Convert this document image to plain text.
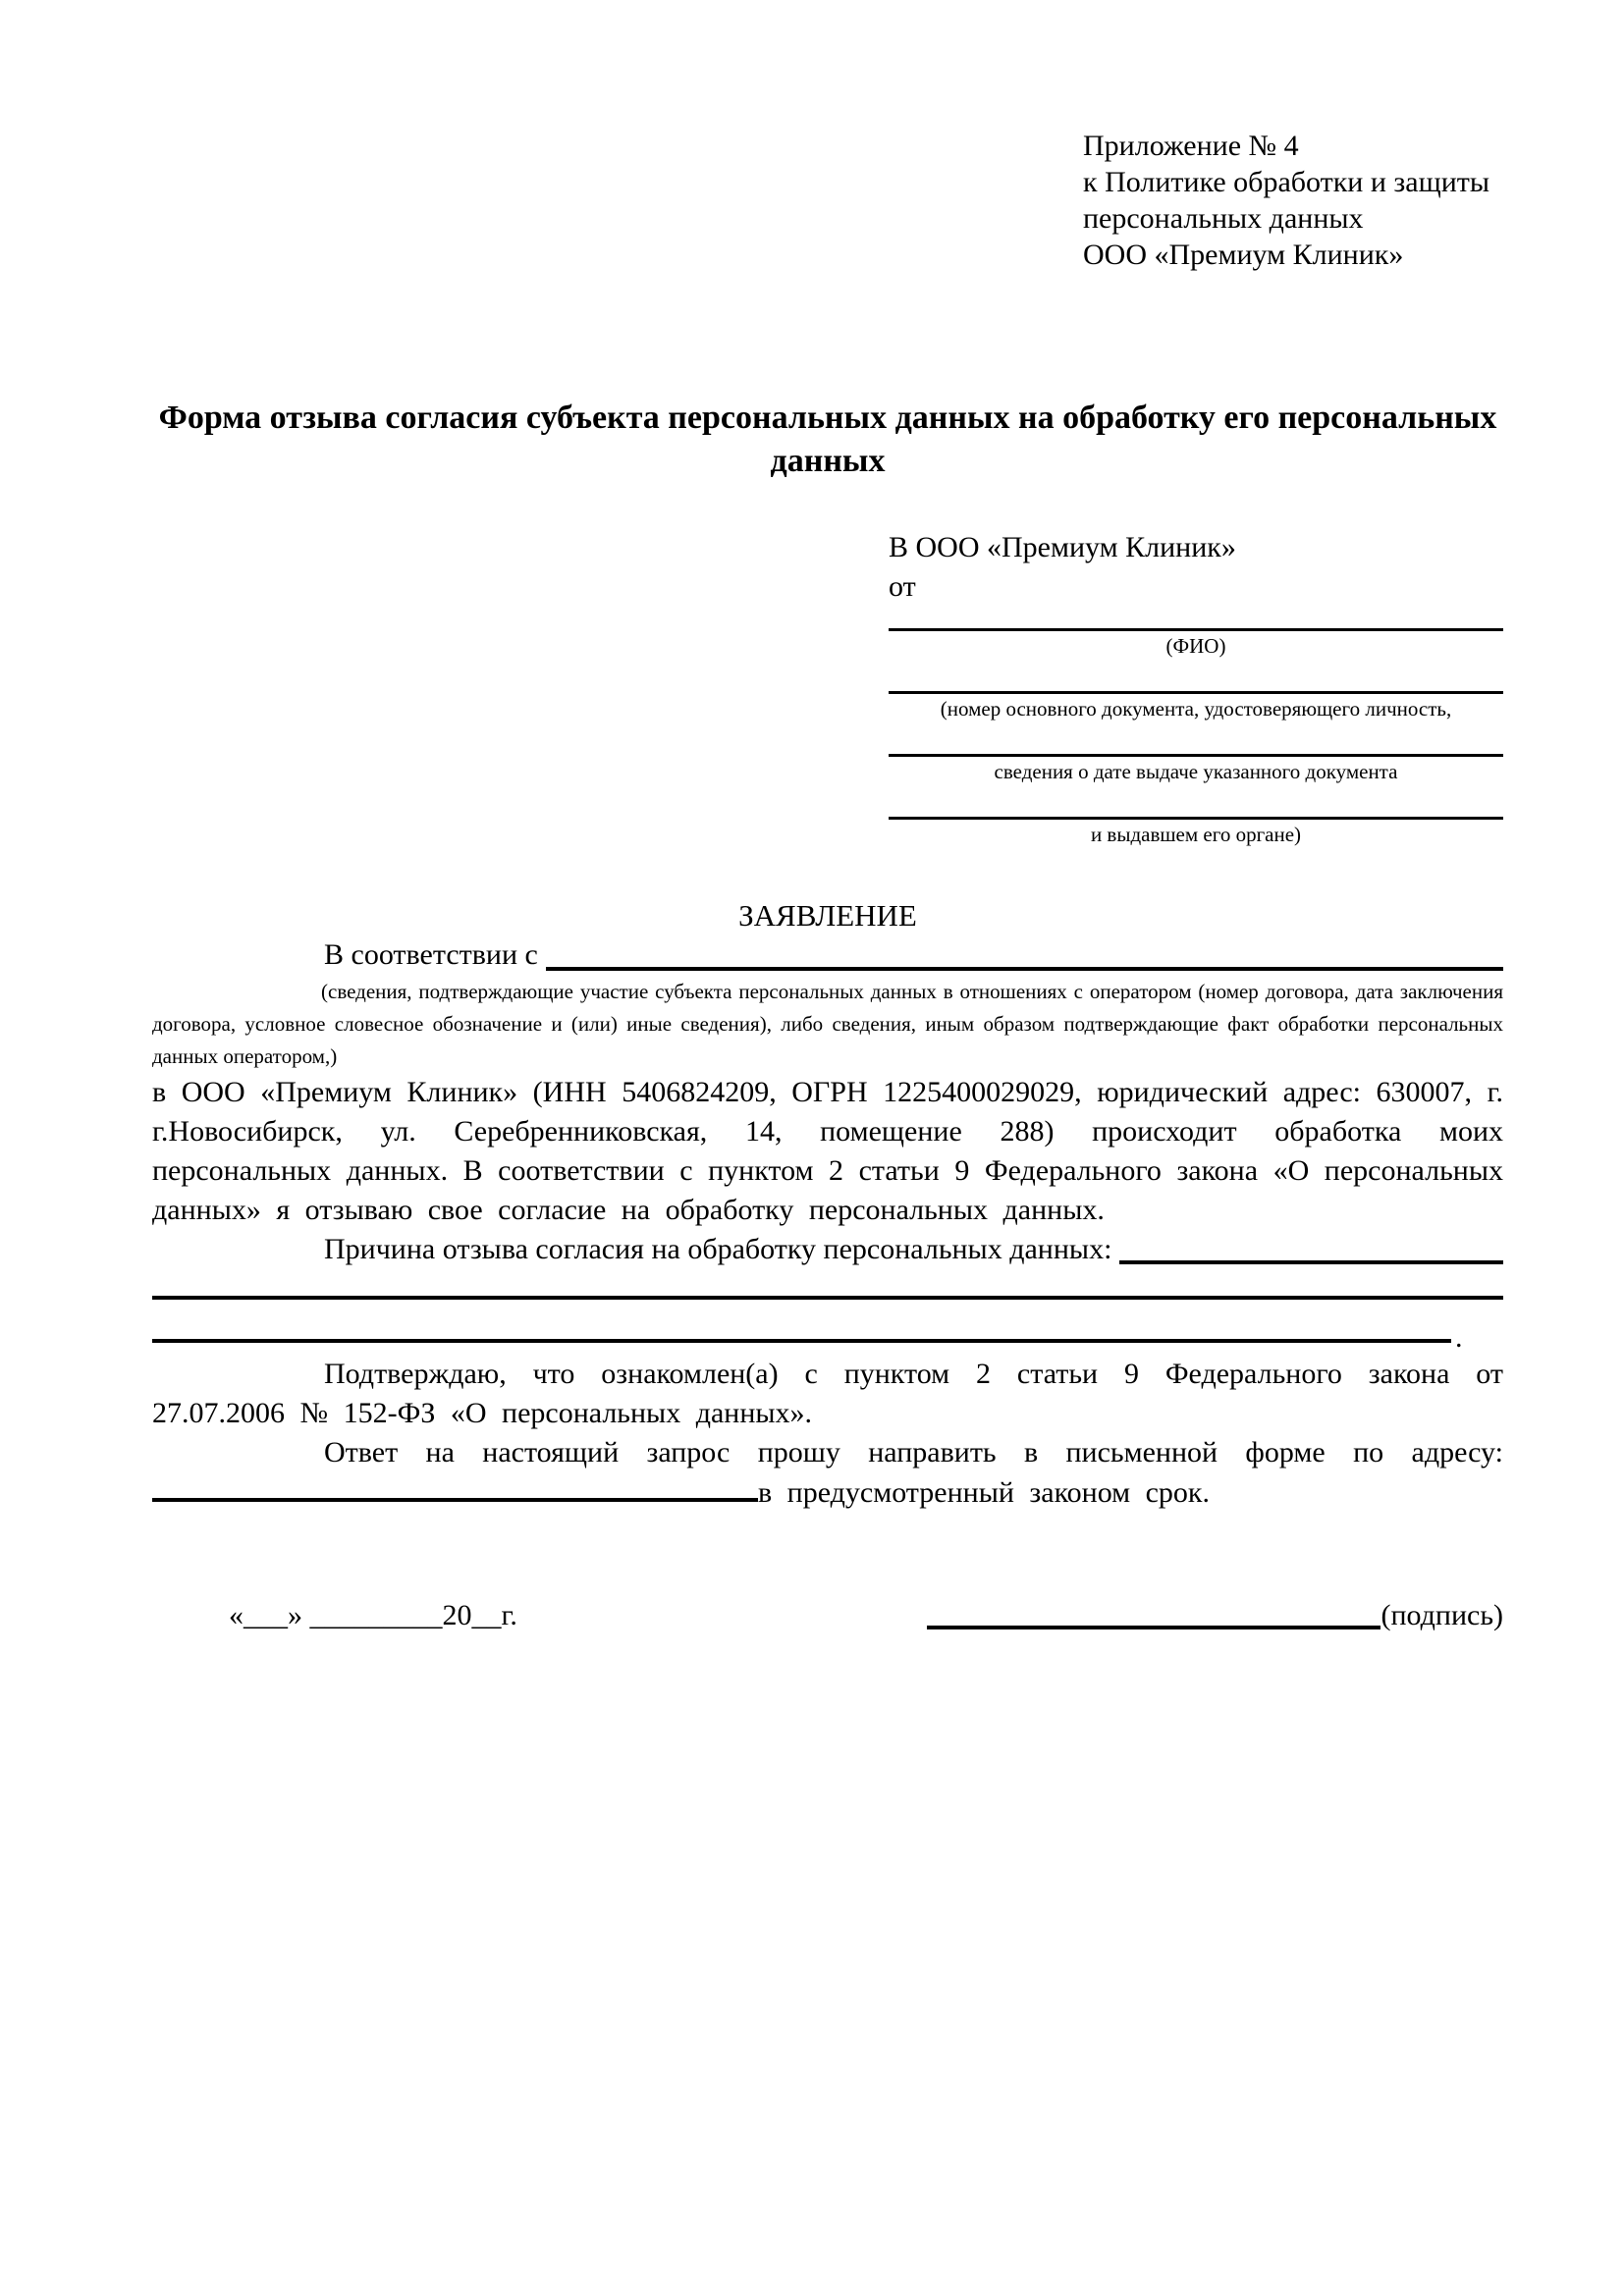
Приложение № 4
к Политике обработки и защиты
персональных данных
ООО «Премиум Клиник»
Форма отзыва согласия субъекта персональных данных на обработку его персональных данных
В ООО «Премиум Клиник»
от
(ФИО)
(номер основного документа, удостоверяющего личность,
сведения о дате выдаче указанного документа
и выдавшем его органе)
ЗАЯВЛЕНИЕ
В соответствии с

(сведения, подтверждающие участие субъекта персональных данных в отношениях с оператором (номер договора, дата заключения договора, условное словесное обозначение и (или) иные сведения), либо сведения, иным образом подтверждающие факт обработки персональных данных оператором,)

в ООО «Премиум Клиник» (ИНН 5406824209, ОГРН 1225400029029, юридический адрес: 630007, г. г.Новосибирск, ул. Серебренниковская, 14, помещение 288) происходит обработка моих персональных данных. В соответствии с пунктом 2 статьи 9 Федерального закона «О персональных данных» я отзываю свое согласие на обработку персональных данных.

Причина отзыва согласия на обработку персональных данных:
.

Подтверждаю, что ознакомлен(а) с пунктом 2 статьи 9 Федерального закона от 27.07.2006 № 152-ФЗ «О персональных данных».

Ответ на настоящий запрос прошу направить в письменной форме по адресу: в предусмотренный законом срок.

«___» _________20__г.	(подпись)
